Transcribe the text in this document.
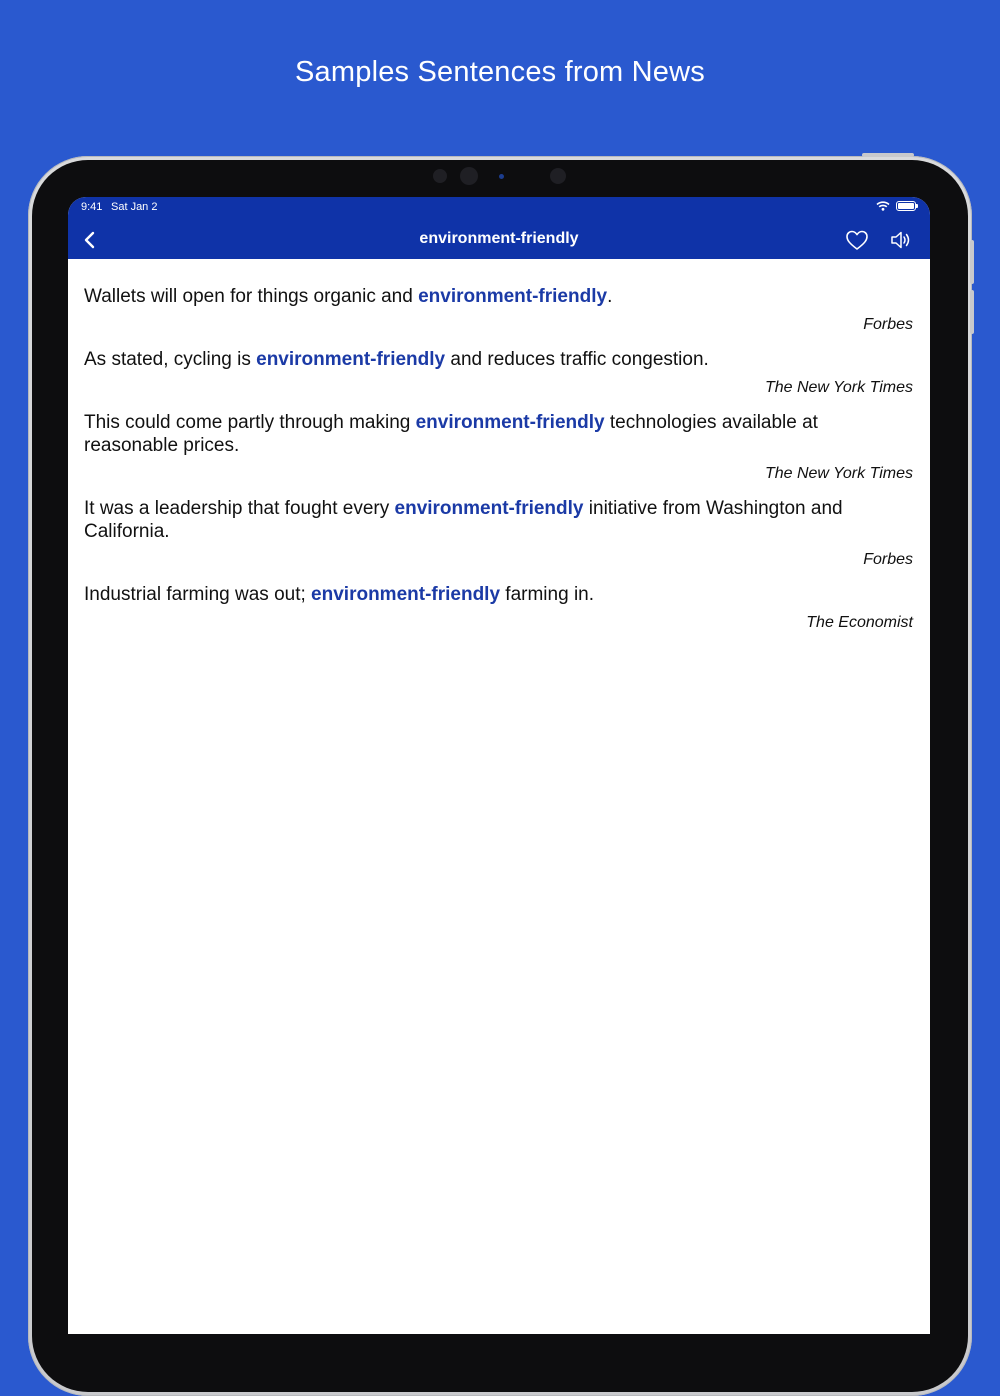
Samples Sentences from News
9:41 Sat Jan 2
environment-friendly
Wallets will open for things organic and environment-friendly.
Forbes
As stated, cycling is environment-friendly and reduces traffic congestion.
The New York Times
This could come partly through making environment-friendly technologies available at reasonable prices.
The New York Times
It was a leadership that fought every environment-friendly initiative from Washington and California.
Forbes
Industrial farming was out; environment-friendly farming in.
The Economist
